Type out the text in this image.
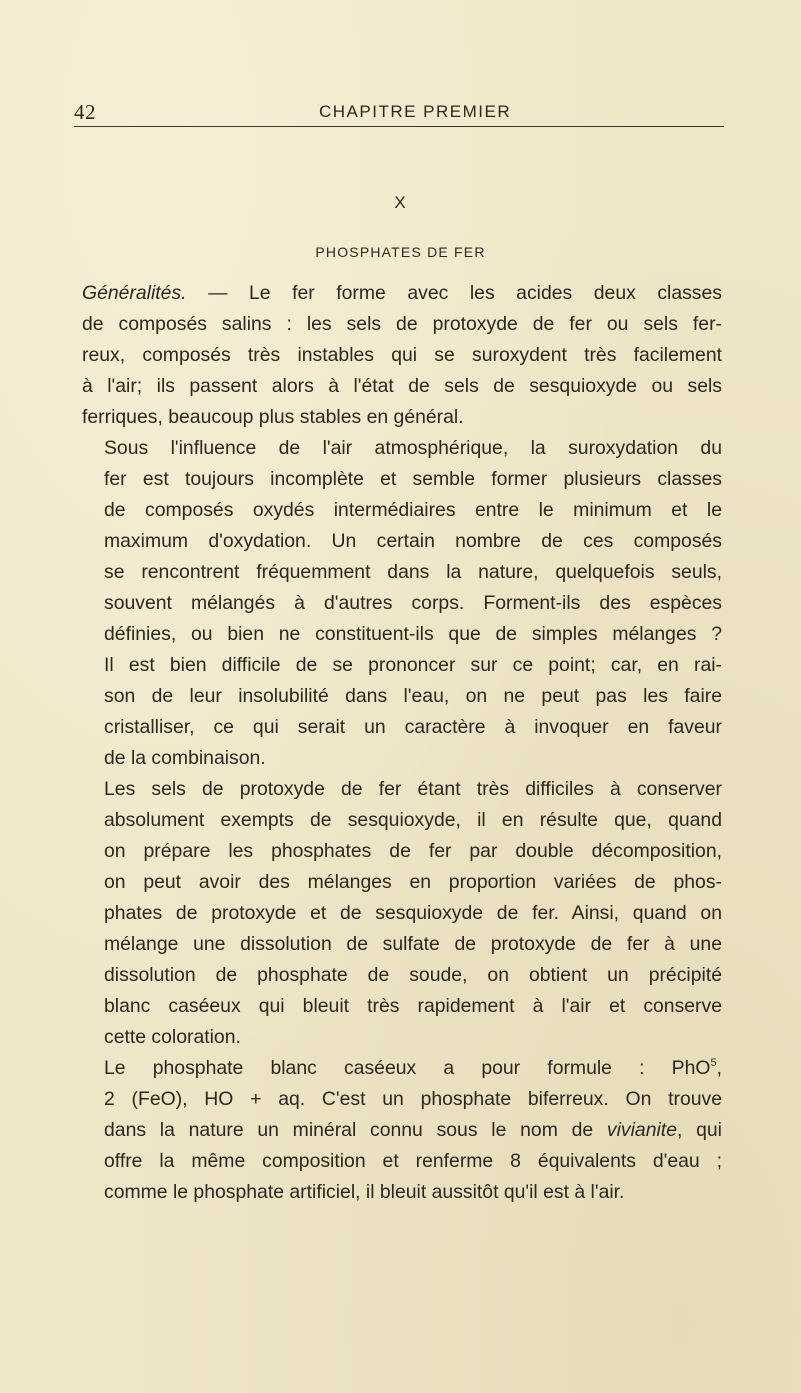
42	CHAPITRE PREMIER
X
PHOSPHATES DE FER

Généralités. — Le fer forme avec les acides deux classes
de composés salins : les sels de protoxyde de fer ou sels fer-
reux, composés très instables qui se suroxydent très facilement
à l'air; ils passent alors à l'état de sels de sesquioxyde ou sels
ferriques, beaucoup plus stables en général.

Sous l'influence de l'air atmosphérique, la suroxydation du
fer est toujours incomplète et semble former plusieurs classes
de composés oxydés intermédiaires entre le minimum et le
maximum d'oxydation. Un certain nombre de ces composés
se rencontrent fréquemment dans la nature, quelquefois seuls,
souvent mélangés à d'autres corps. Forment-ils des espèces
définies, ou bien ne constituent-ils que de simples mélanges ?
Il est bien difficile de se prononcer sur ce point; car, en rai-
son de leur insolubilité dans l'eau, on ne peut pas les faire
cristalliser, ce qui serait un caractère à invoquer en faveur
de la combinaison.

Les sels de protoxyde de fer étant très difficiles à conserver
absolument exempts de sesquioxyde, il en résulte que, quand
on prépare les phosphates de fer par double décomposition,
on peut avoir des mélanges en proportion variées de phos-
phates de protoxyde et de sesquioxyde de fer. Ainsi, quand on
mélange une dissolution de sulfate de protoxyde de fer à une
dissolution de phosphate de soude, on obtient un précipité
blanc caséeux qui bleuit très rapidement à l'air et conserve
cette coloration.

Le phosphate blanc caséeux a pour formule : PhO$^5$,
2 (FeO), HO + aq. C'est un phosphate biferreux. On trouve
dans la nature un minéral connu sous le nom de vivianite, qui
offre la même composition et renferme 8 équivalents d'eau ;
comme le phosphate artificiel, il bleuit aussitôt qu'il est à l'air.
